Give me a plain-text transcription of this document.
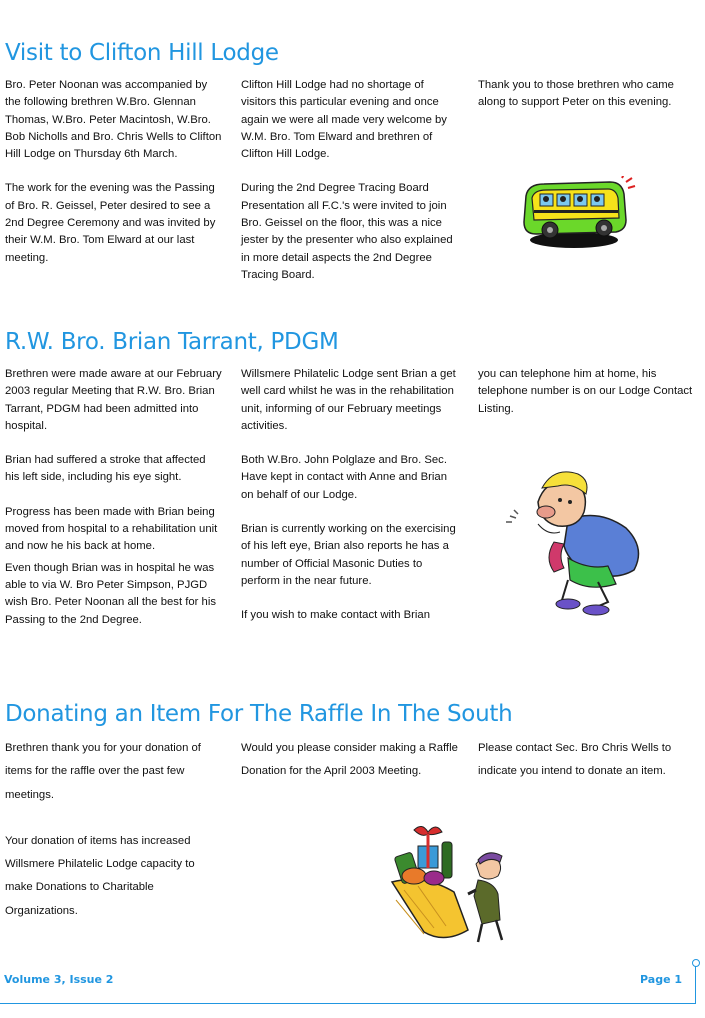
Visit to Clifton Hill Lodge

Bro. Peter Noonan was accompanied by the following brethren W.Bro. Glennan Thomas, W.Bro. Peter Macintosh, W.Bro. Bob Nicholls and Bro. Chris Wells to Clifton Hill Lodge on Thursday 6th March.

The work for the evening was the Passing of Bro. R. Geissel, Peter desired to see a 2nd Degree Ceremony and was invited by their W.M. Bro. Tom Elward at our last meeting.

Clifton Hill Lodge had no shortage of visitors this particular evening and once again we were all made very welcome by W.M. Bro. Tom Elward and brethren of Clifton Hill Lodge.

During the 2nd Degree Tracing Board Presentation all F.C.'s were invited to join Bro. Geissel on the floor, this was a nice jester by the presenter who also explained in more detail aspects the 2nd Degree Tracing Board.

Thank you to those brethren who came along to support Peter on this evening.

R.W. Bro. Brian Tarrant, PDGM

Brethren were made aware at our February 2003 regular Meeting that R.W. Bro. Brian Tarrant, PDGM had been admitted into hospital.

Brian had suffered a stroke that affected his left side, including his eye sight.

Progress has been made with Brian being moved from hospital to a rehabilitation unit and now he his back at home.

Even though Brian was in hospital he was able to via W. Bro Peter Simpson, PJGD wish Bro. Peter Noonan all the best for his Passing to the 2nd Degree.

Willsmere Philatelic Lodge sent Brian a get well card whilst he was in the rehabilitation unit, informing of our February meetings activities.

Both W.Bro. John Polglaze and Bro. Sec. Have kept in contact with Anne and Brian on behalf of our Lodge.

Brian is currently working on the exercising of his left eye, Brian also reports he has a number of Official Masonic Duties to perform in the near future.

If you wish to make contact with Brian

you can telephone him at home, his telephone number is on our Lodge Contact Listing.

Donating an Item For The Raffle In The South

Brethren thank you for your donation of items for the raffle over the past few meetings.

Your donation of items has increased Willsmere Philatelic Lodge capacity to make Donations to Charitable Organizations.

Would you please consider making a Raffle Donation for the April 2003 Meeting.

Please contact Sec. Bro Chris Wells to indicate you intend to donate an item.

Volume 3, Issue 2	Page 1
